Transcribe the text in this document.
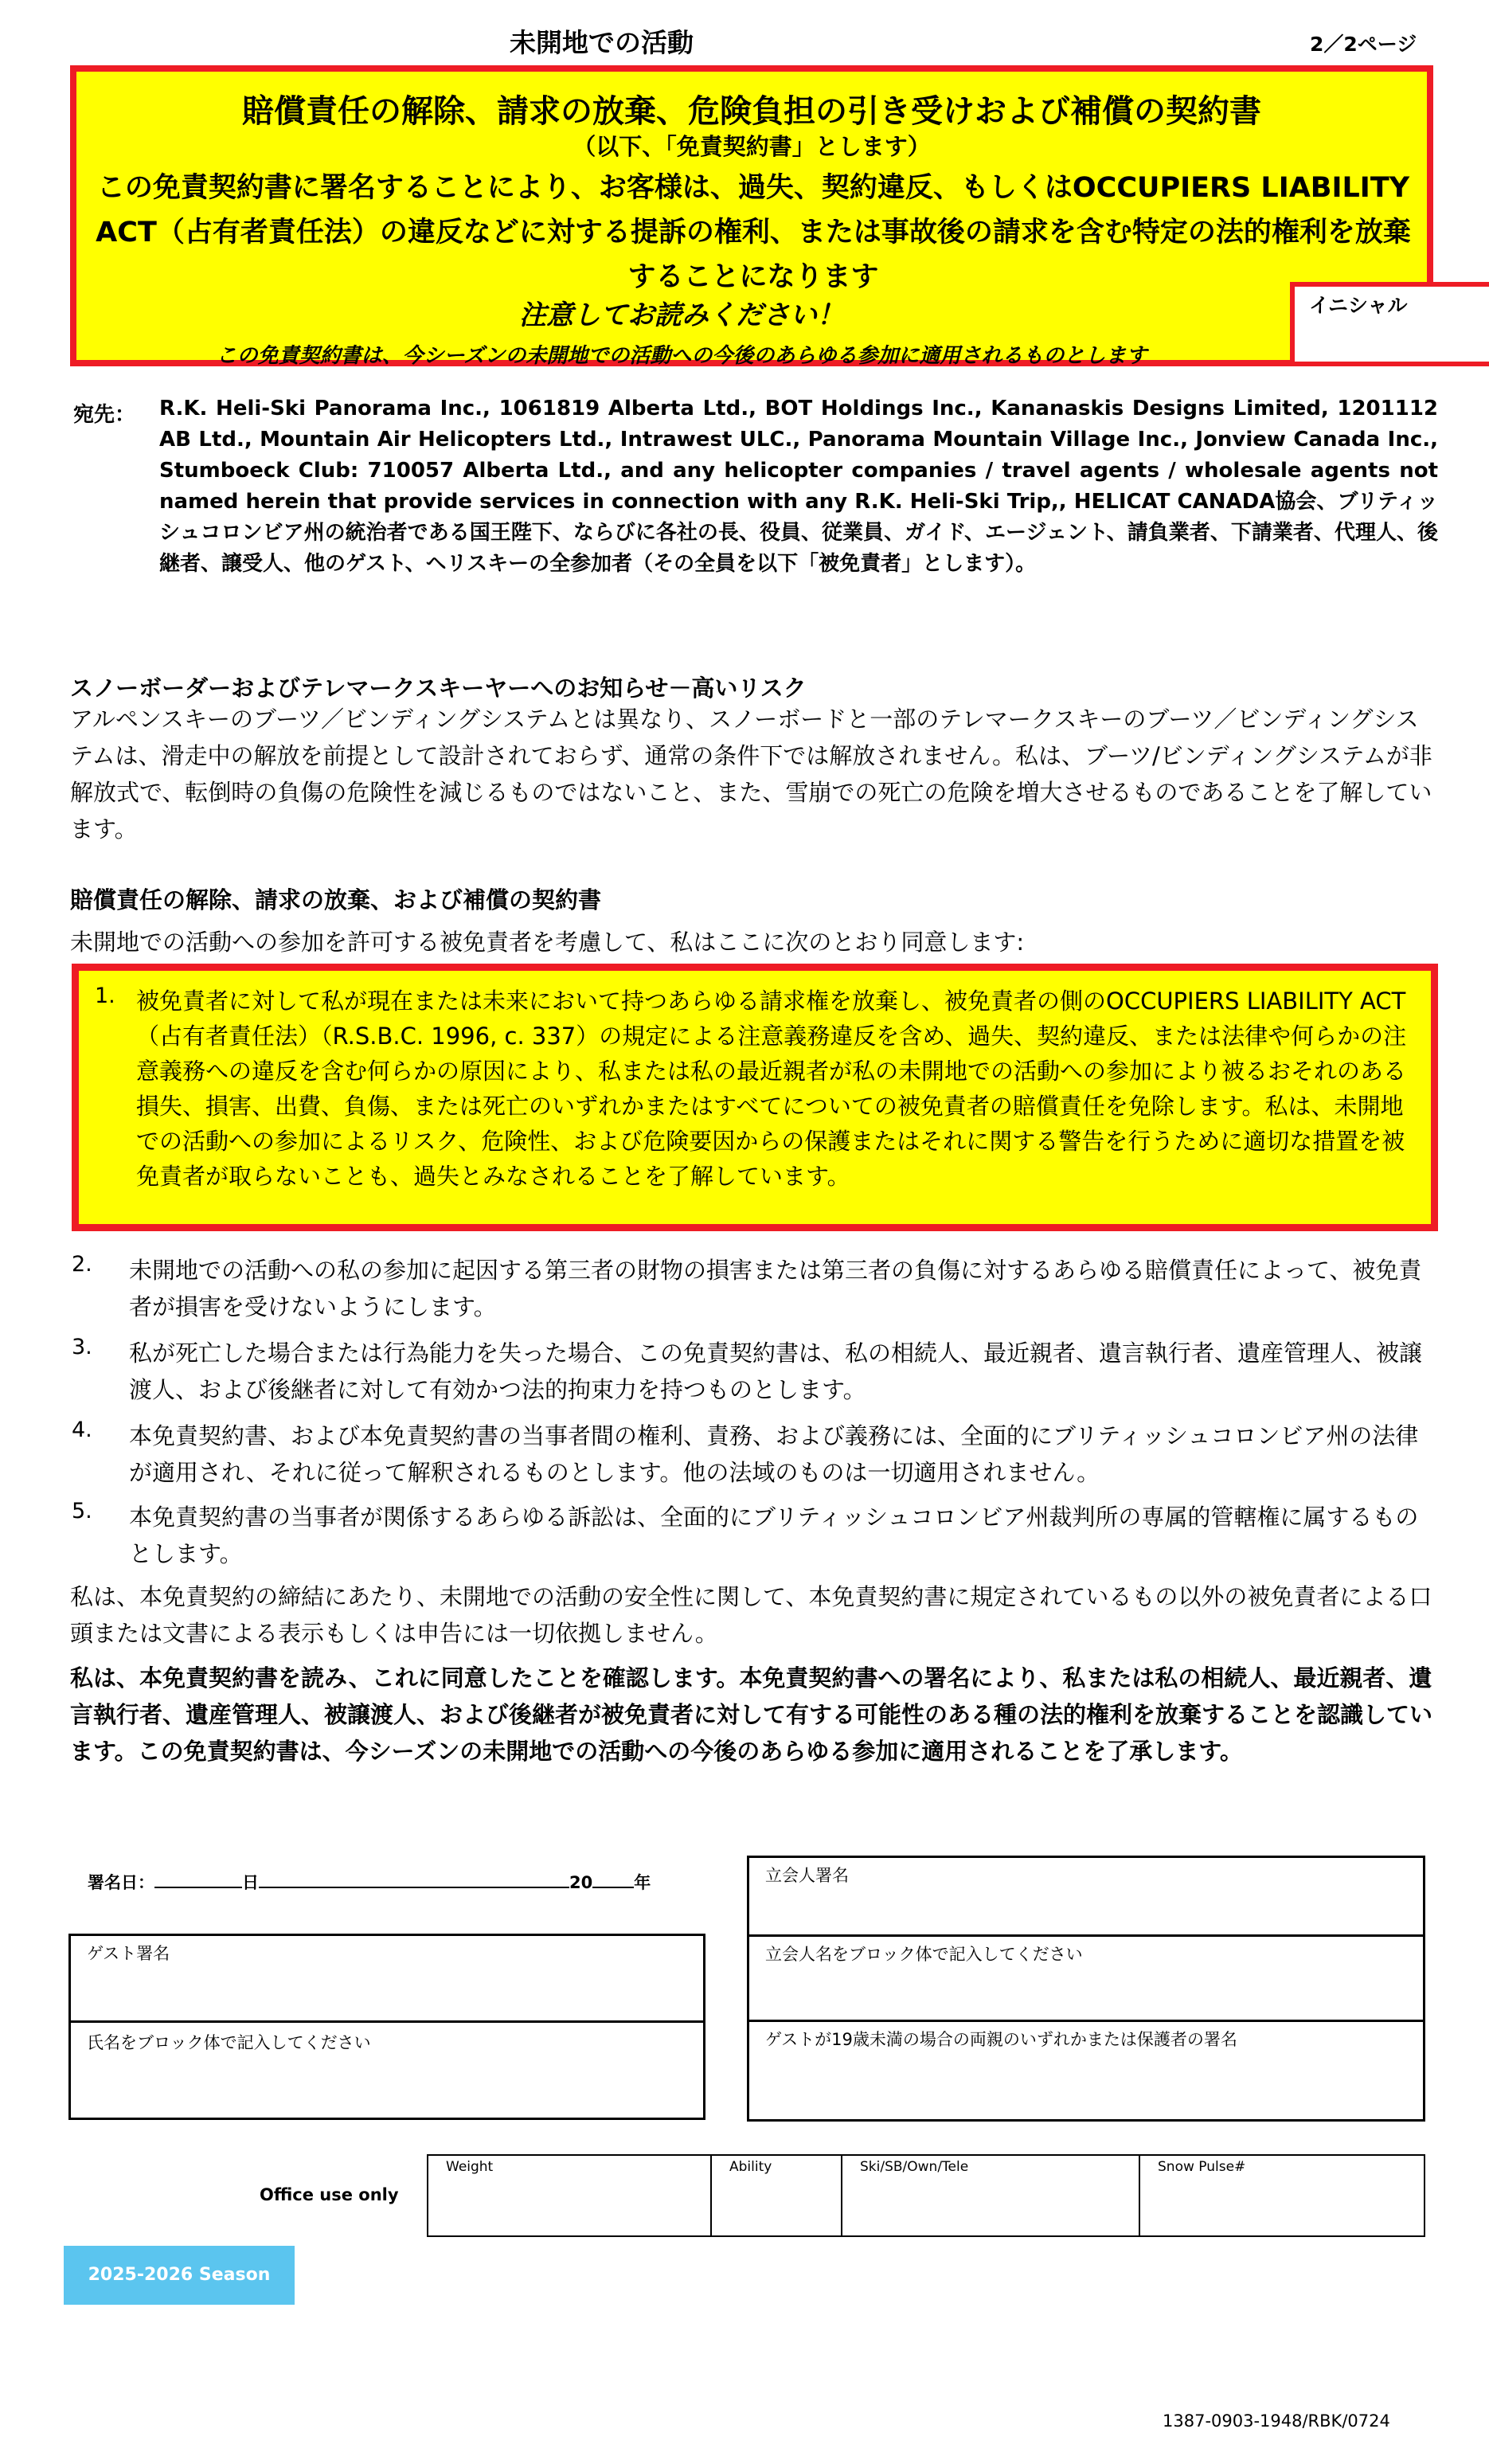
未開地での活動	2／2ページ
賠償責任の解除、請求の放棄、危険負担の引き受けおよび補償の契約書
（以下、「免責契約書」とします）
この免責契約書に署名することにより、お客様は、過失、契約違反、もしくはOCCUPIERS LIABILITY ACT（占有者責任法）の違反などに対する提訴の権利、または事故後の請求を含む特定の法的権利を放棄することになります
注意してお読みください！
この免責契約書は、今シーズンの未開地での活動への今後のあらゆる参加に適用されるものとします
イニシャル
宛先： R.K. Heli-Ski Panorama Inc., 1061819 Alberta Ltd., BOT Holdings Inc., Kananaskis Designs Limited, 1201112 AB Ltd., Mountain Air Helicopters Ltd., Intrawest ULC., Panorama Mountain Village Inc., Jonview Canada Inc., Stumboeck Club: 710057 Alberta Ltd., and any helicopter companies / travel agents / wholesale agents not named herein that provide services in connection with any R.K. Heli-Ski Trip,, HELICAT CANADA協会、ブリティッシュコロンビア州の統治者である国王陛下、ならびに各社の長、役員、従業員、ガイド、エージェント、請負業者、下請業者、代理人、後継者、譲受人、他のゲスト、ヘリスキーの全参加者（その全員を以下「被免責者」とします）。
スノーボーダーおよびテレマークスキーヤーへのお知らせ－高いリスク
アルペンスキーのブーツ／ビンディングシステムとは異なり、スノーボードと一部のテレマークスキーのブーツ／ビンディングシステムは、滑走中の解放を前提として設計されておらず、通常の条件下では解放されません。私は、ブーツ/ビンディングシステムが非解放式で、転倒時の負傷の危険性を減じるものではないこと、また、雪崩での死亡の危険を増大させるものであることを了解しています。
賠償責任の解除、請求の放棄、および補償の契約書
未開地での活動への参加を許可する被免責者を考慮して、私はここに次のとおり同意します:
1. 被免責者に対して私が現在または未来において持つあらゆる請求権を放棄し、被免責者の側のOCCUPIERS LIABILITY ACT（占有者責任法）（R.S.B.C. 1996, c. 337）の規定による注意義務違反を含め、過失、契約違反、または法律や何らかの注意義務への違反を含む何らかの原因により、私または私の最近親者が私の未開地での活動への参加により被るおそれのある損失、損害、出費、負傷、または死亡のいずれかまたはすべてについての被免責者の賠償責任を免除します。私は、未開地での活動への参加によるリスク、危険性、および危険要因からの保護またはそれに関する警告を行うために適切な措置を被免責者が取らないことも、過失とみなされることを了解しています。
2. 未開地での活動への私の参加に起因する第三者の財物の損害または第三者の負傷に対するあらゆる賠償責任によって、被免責者が損害を受けないようにします。
3. 私が死亡した場合または行為能力を失った場合、この免責契約書は、私の相続人、最近親者、遺言執行者、遺産管理人、被譲渡人、および後継者に対して有効かつ法的拘束力を持つものとします。
4. 本免責契約書、および本免責契約書の当事者間の権利、責務、および義務には、全面的にブリティッシュコロンビア州の法律が適用され、それに従って解釈されるものとします。他の法域のものは一切適用されません。
5. 本免責契約書の当事者が関係するあらゆる訴訟は、全面的にブリティッシュコロンビア州裁判所の専属的管轄権に属するものとします。
私は、本免責契約の締結にあたり、未開地での活動の安全性に関して、本免責契約書に規定されているもの以外の被免責者による口頭または文書による表示もしくは申告には一切依拠しません。
私は、本免責契約書を読み、これに同意したことを確認します。本免責契約書への署名により、私または私の相続人、最近親者、遺言執行者、遺産管理人、被譲渡人、および後継者が被免責者に対して有する可能性のある種の法的権利を放棄することを認識しています。この免責契約書は、今シーズンの未開地での活動への今後のあらゆる参加に適用されることを了承します。
署名日：	日	20 年
ゲスト署名
氏名をブロック体で記入してください
立会人署名
立会人名をブロック体で記入してください
ゲストが19歳未満の場合の両親のいずれかまたは保護者の署名
Office use only
Weight	Ability	Ski/SB/Own/Tele	Snow Pulse#
2025-2026 Season
1387-0903-1948/RBK/0724
